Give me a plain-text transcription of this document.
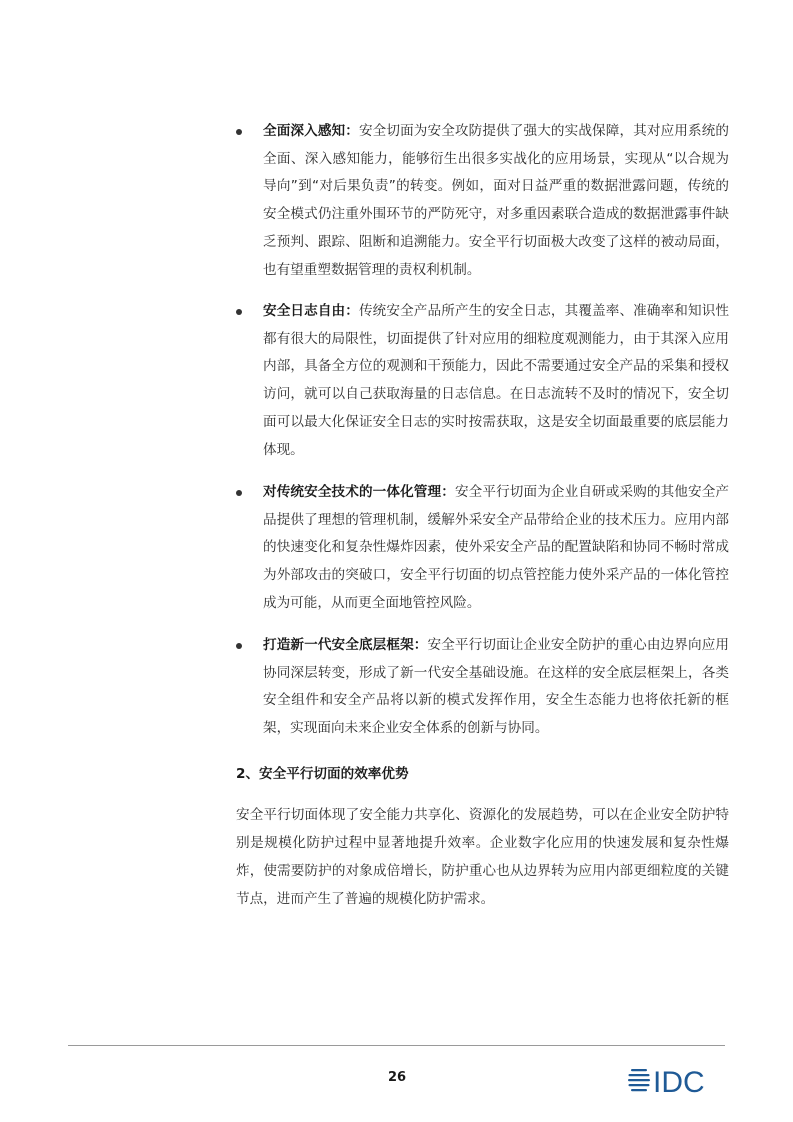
全面深入感知：安全切面为安全攻防提供了强大的实战保障，其对应用系统的全面、深入感知能力，能够衍生出很多实战化的应用场景，实现从“以合规为导向”到“对后果负责”的转变。例如，面对日益严重的数据泄露问题，传统的安全模式仍注重外围环节的严防死守，对多重因素联合造成的数据泄露事件缺乏预判、跟踪、阻断和追溯能力。安全平行切面极大改变了这样的被动局面，也有望重塑数据管理的责权利机制。

安全日志自由：传统安全产品所产生的安全日志，其覆盖率、准确率和知识性都有很大的局限性，切面提供了针对应用的细粒度观测能力，由于其深入应用内部，具备全方位的观测和干预能力，因此不需要通过安全产品的采集和授权访问，就可以自己获取海量的日志信息。在日志流转不及时的情况下，安全切面可以最大化保证安全日志的实时按需获取，这是安全切面最重要的底层能力体现。

对传统安全技术的一体化管理：安全平行切面为企业自研或采购的其他安全产品提供了理想的管理机制，缓解外采安全产品带给企业的技术压力。应用内部的快速变化和复杂性爆炸因素，使外采安全产品的配置缺陷和协同不畅时常成为外部攻击的突破口，安全平行切面的切点管控能力使外采产品的一体化管控成为可能，从而更全面地管控风险。

打造新一代安全底层框架：安全平行切面让企业安全防护的重心由边界向应用协同深层转变，形成了新一代安全基础设施。在这样的安全底层框架上，各类安全组件和安全产品将以新的模式发挥作用，安全生态能力也将依托新的框架，实现面向未来企业安全体系的创新与协同。

2、安全平行切面的效率优势

安全平行切面体现了安全能力共享化、资源化的发展趋势，可以在企业安全防护特别是规模化防护过程中显著地提升效率。企业数字化应用的快速发展和复杂性爆炸，使需要防护的对象成倍增长，防护重心也从边界转为应用内部更细粒度的关键节点，进而产生了普遍的规模化防护需求。

26	IDC
